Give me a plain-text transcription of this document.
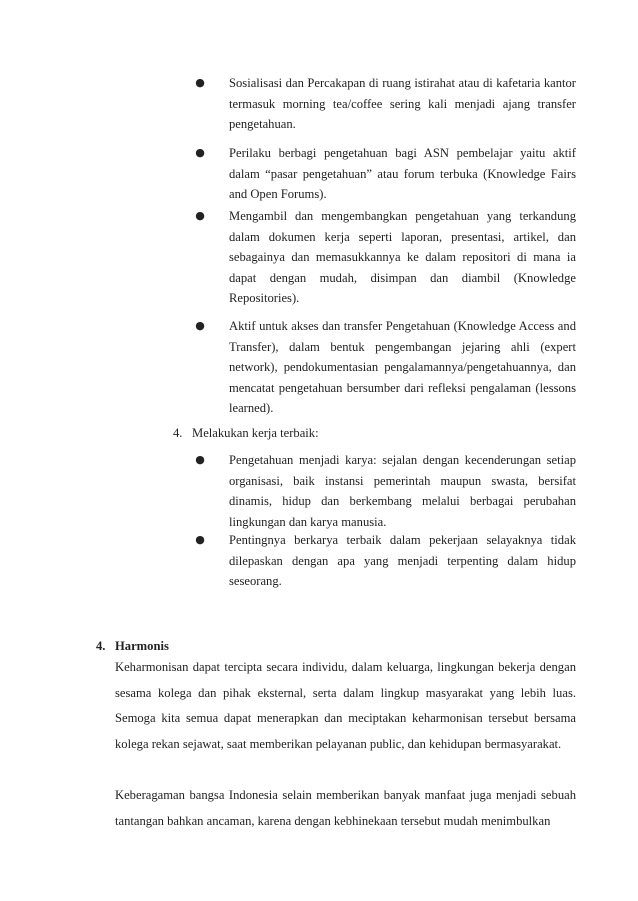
●	Sosialisasi dan Percakapan di ruang istirahat atau di kafetaria kantor termasuk morning tea/coffee sering kali menjadi ajang transfer pengetahuan.

●	Perilaku berbagi pengetahuan bagi ASN pembelajar yaitu aktif dalam “pasar pengetahuan” atau forum terbuka (Knowledge Fairs and Open Forums).

●	Mengambil dan mengembangkan pengetahuan yang terkandung dalam dokumen kerja seperti laporan, presentasi, artikel, dan sebagainya dan memasukkannya ke dalam repositori di mana ia dapat dengan mudah, disimpan dan diambil (Knowledge Repositories).

●	Aktif untuk akses dan transfer Pengetahuan (Knowledge Access and Transfer), dalam bentuk pengembangan jejaring ahli (expert network), pendokumentasian pengalamannya/pengetahuannya, dan mencatat pengetahuan bersumber dari refleksi pengalaman (lessons learned).

4. Melakukan kerja terbaik:
●	Pengetahuan menjadi karya: sejalan dengan kecenderungan setiap organisasi, baik instansi pemerintah maupun swasta, bersifat dinamis, hidup dan berkembang melalui berbagai perubahan lingkungan dan karya manusia.

●	Pentingnya berkarya terbaik dalam pekerjaan selayaknya tidak dilepaskan dengan apa yang menjadi terpenting dalam hidup seseorang.

4. Harmonis

Keharmonisan dapat tercipta secara individu, dalam keluarga, lingkungan bekerja dengan sesama kolega dan pihak eksternal, serta dalam lingkup masyarakat yang lebih luas. Semoga kita semua dapat menerapkan dan meciptakan keharmonisan tersebut bersama kolega rekan sejawat, saat memberikan pelayanan public, dan kehidupan bermasyarakat.

Keberagaman bangsa Indonesia selain memberikan banyak manfaat juga menjadi sebuah tantangan bahkan ancaman, karena dengan kebhinekaan tersebut mudah menimbulkan
